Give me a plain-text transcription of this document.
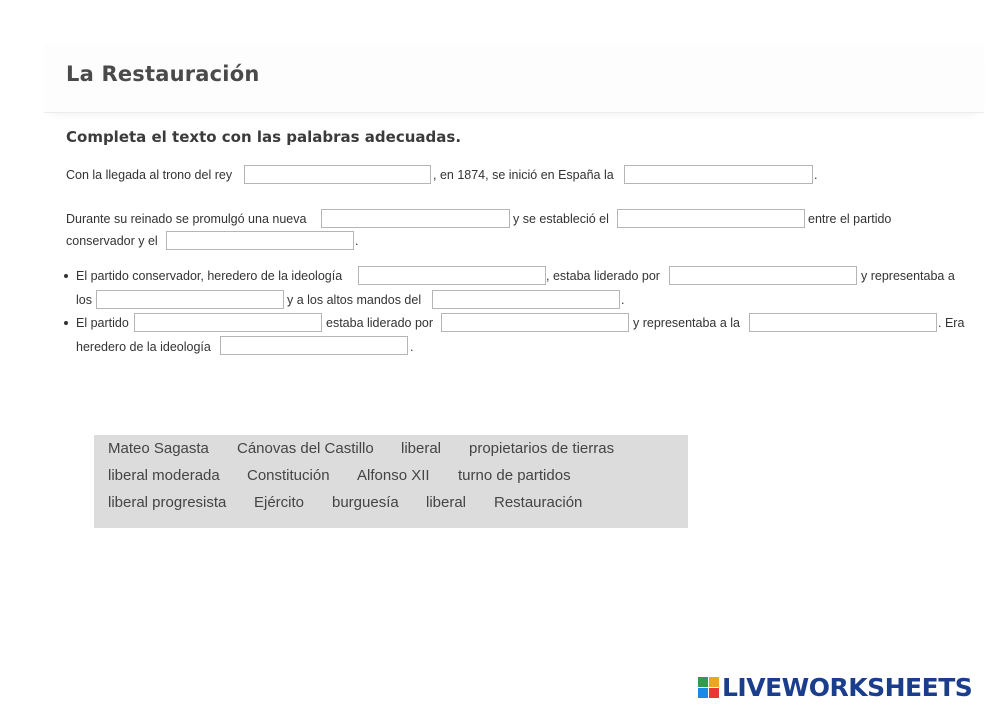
La Restauración
Completa el texto con las palabras adecuadas.
Con la llegada al trono del rey	, en 1874, se inició en España la	.
Durante su reinado se promulgó una nueva	y se estableció el	entre el partido
conservador y el	.
El partido conservador, heredero de la ideología	, estaba liderado por	y representaba a
los	y a los altos mandos del	.
El partido	estaba liderado por	y representaba a la	. Era
heredero de la ideología	.
Mateo Sagasta Cánovas del Castillo liberal propietarios de tierras
liberal moderada Constitución Alfonso XII turno de partidos
liberal progresista Ejército burguesía liberal Restauración
LIVEWORKSHEETS
